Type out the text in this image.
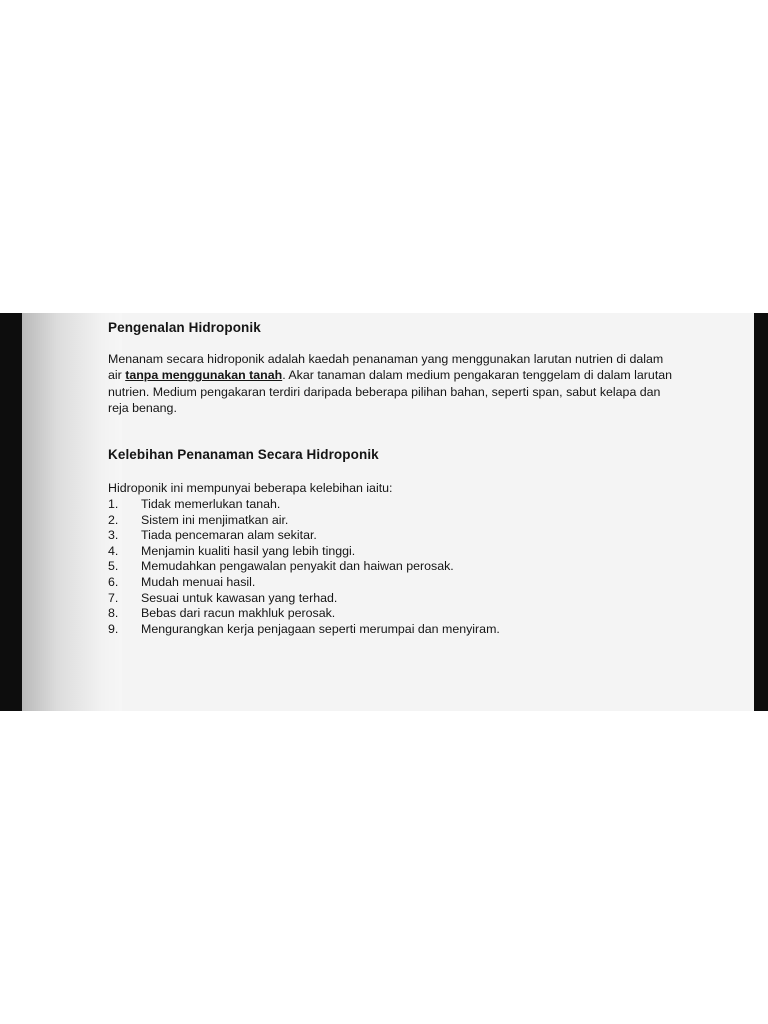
Pengenalan Hidroponik

Menanam secara hidroponik adalah kaedah penanaman yang menggunakan larutan nutrien di dalam air tanpa menggunakan tanah. Akar tanaman dalam medium pengakaran tenggelam di dalam larutan nutrien. Medium pengakaran terdiri daripada beberapa pilihan bahan, seperti span, sabut kelapa dan reja benang.

Kelebihan Penanaman Secara Hidroponik

Hidroponik ini mempunyai beberapa kelebihan iaitu:

1. Tidak memerlukan tanah.
2. Sistem ini menjimatkan air.
3. Tiada pencemaran alam sekitar.
4. Menjamin kualiti hasil yang lebih tinggi.
5. Memudahkan pengawalan penyakit dan haiwan perosak.
6. Mudah menuai hasil.
7. Sesuai untuk kawasan yang terhad.
8. Bebas dari racun makhluk perosak.
9. Mengurangkan kerja penjagaan seperti merumpai dan menyiram.
